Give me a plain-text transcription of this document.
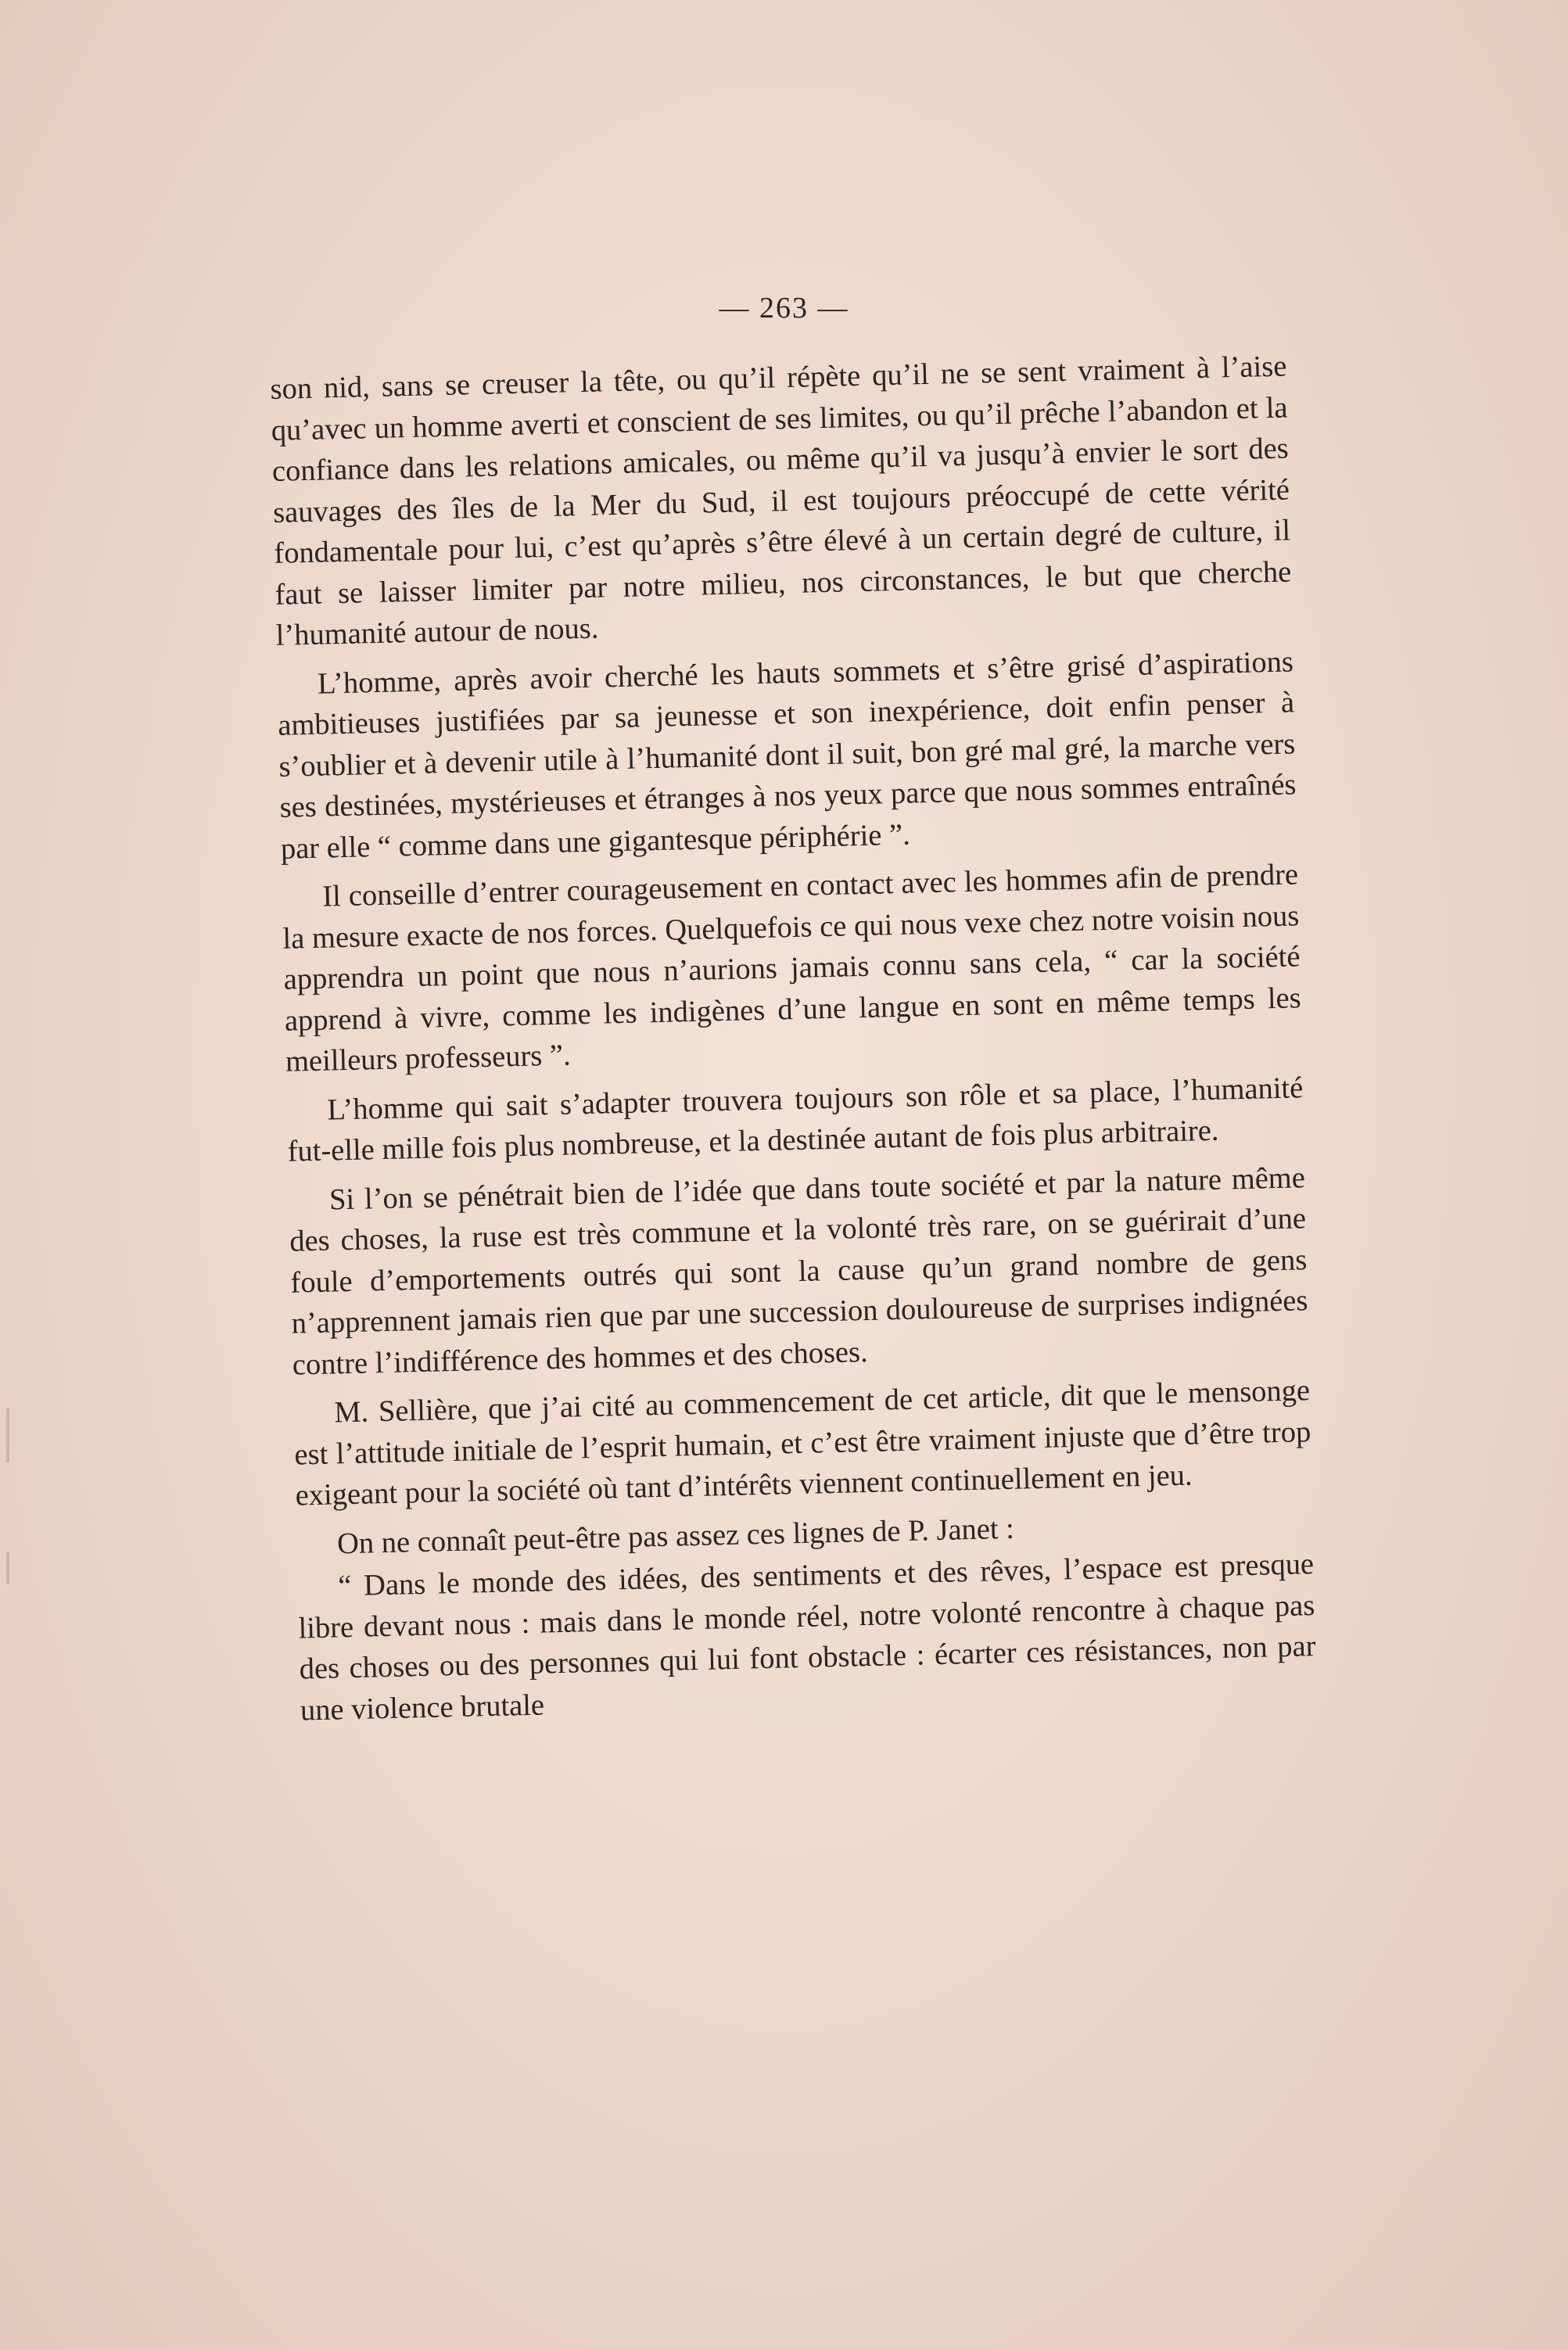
— 263 —

son nid, sans se creuser la tête, ou qu’il répète qu’il ne se sent vraiment à l’aise qu’avec un homme averti et conscient de ses limites, ou qu’il prêche l’abandon et la confiance dans les relations amicales, ou même qu’il va jusqu’à envier le sort des sauvages des îles de la Mer du Sud, il est toujours préoccupé de cette vérité fondamentale pour lui, c’est qu’après s’être élevé à un certain degré de culture, il faut se laisser limiter par notre milieu, nos circonstances, le but que cherche l’humanité autour de nous.

L’homme, après avoir cherché les hauts sommets et s’être grisé d’aspirations ambitieuses justifiées par sa jeunesse et son inexpérience, doit enfin penser à s’oublier et à devenir utile à l’humanité dont il suit, bon gré mal gré, la marche vers ses destinées, mystérieuses et étranges à nos yeux parce que nous sommes entraînés par elle “ comme dans une gigantesque périphérie ”.

Il conseille d’entrer courageusement en contact avec les hommes afin de prendre la mesure exacte de nos forces. Quelquefois ce qui nous vexe chez notre voisin nous apprendra un point que nous n’aurions jamais connu sans cela, “ car la société apprend à vivre, comme les indigènes d’une langue en sont en même temps les meilleurs professeurs ”.

L’homme qui sait s’adapter trouvera toujours son rôle et sa place, l’humanité fut-elle mille fois plus nombreuse, et la destinée autant de fois plus arbitraire.

Si l’on se pénétrait bien de l’idée que dans toute société et par la nature même des choses, la ruse est très commune et la volonté très rare, on se guérirait d’une foule d’emportements outrés qui sont la cause qu’un grand nombre de gens n’apprennent jamais rien que par une succession douloureuse de surprises indignées contre l’indifférence des hommes et des choses.

M. Sellière, que j’ai cité au commencement de cet article, dit que le mensonge est l’attitude initiale de l’esprit humain, et c’est être vraiment injuste que d’être trop exigeant pour la société où tant d’intérêts viennent continuellement en jeu.

On ne connaît peut-être pas assez ces lignes de P. Janet :

“ Dans le monde des idées, des sentiments et des rêves, l’espace est presque libre devant nous : mais dans le monde réel, notre volonté rencontre à chaque pas des choses ou des personnes qui lui font obstacle : écarter ces résistances, non par une violence brutale
